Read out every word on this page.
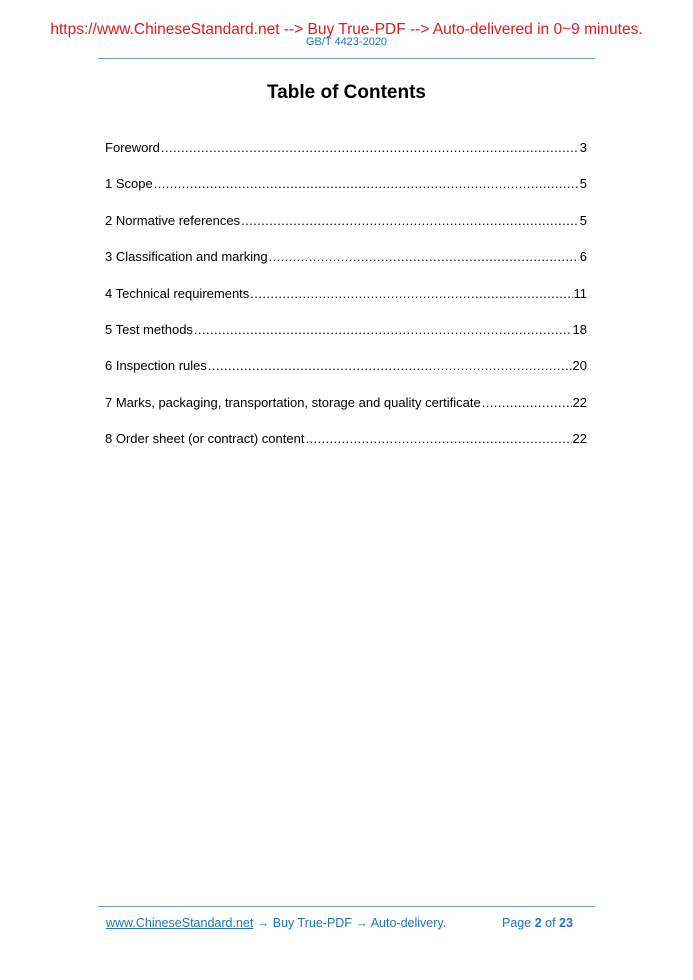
https://www.ChineseStandard.net --> Buy True-PDF --> Auto-delivered in 0~9 minutes.
GB/T 4423-2020
Table of Contents
Foreword .....	3
1 Scope .....	5
2 Normative references .....	5
3 Classification and marking .....	6
4 Technical requirements .....	11
5 Test methods .....	18
6 Inspection rules .....	20
7 Marks, packaging, transportation, storage and quality certificate .....	22
8 Order sheet (or contract) content .....	22
www.ChineseStandard.net → Buy True-PDF → Auto-delivery.	Page 2 of 23
